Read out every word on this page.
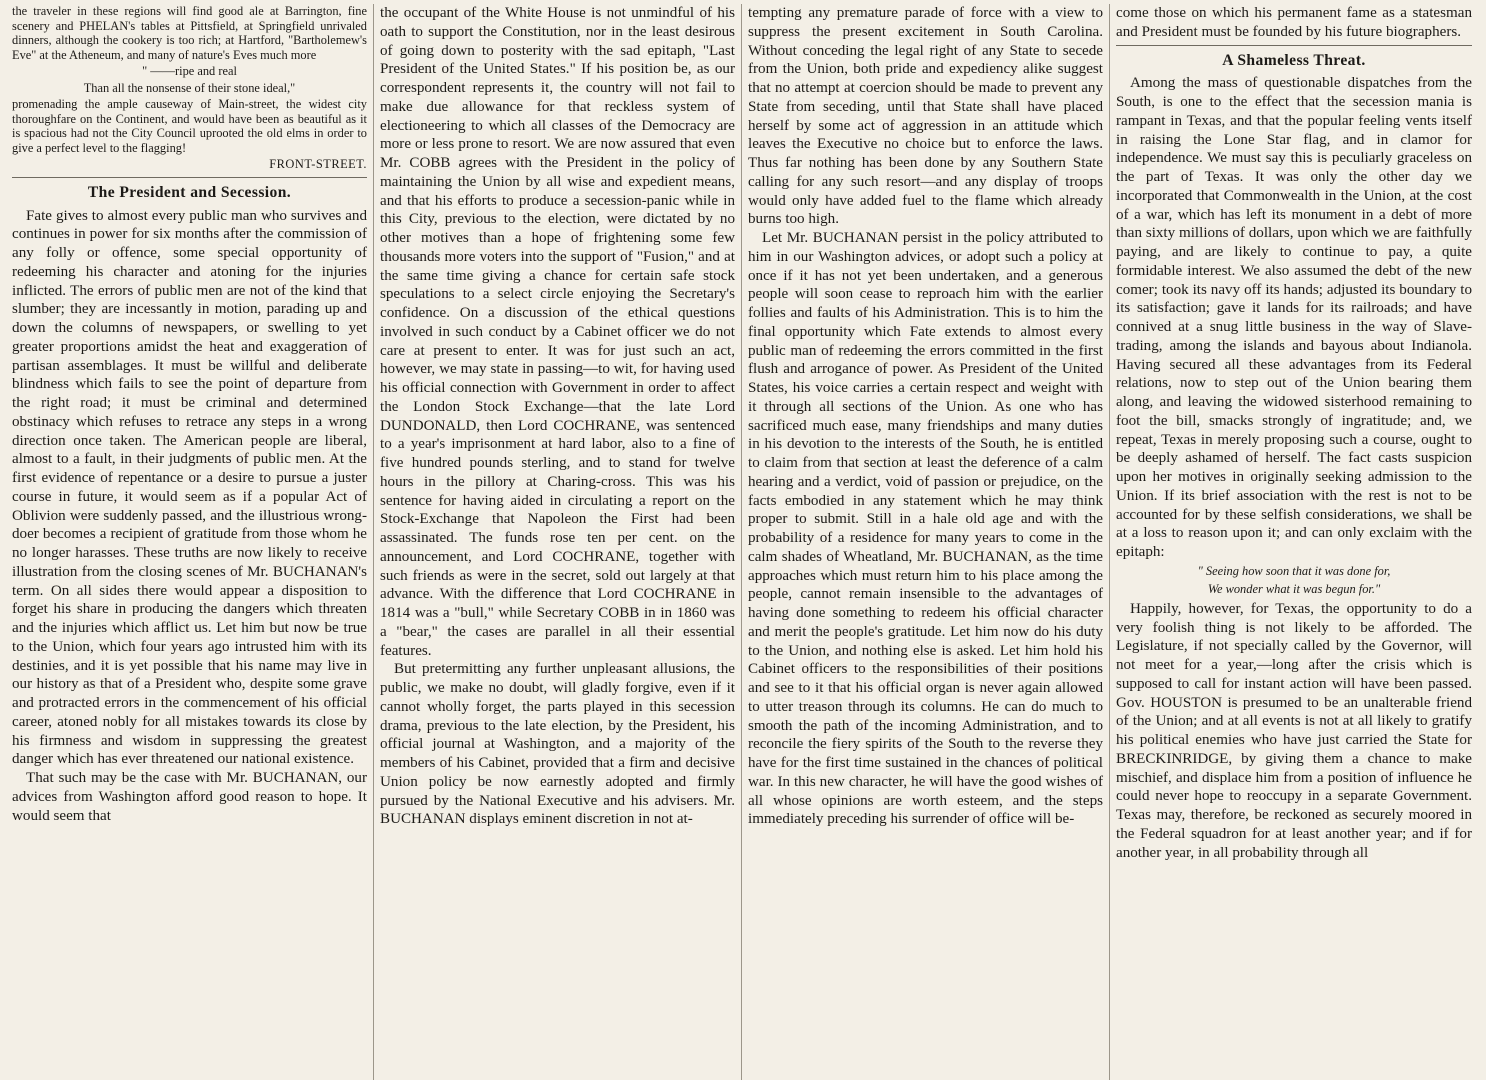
the traveler in these regions will find good ale at Barrington, fine scenery and PHELAN's tables at Pittsfield, at Springfield unrivaled dinners, although the cookery is too rich; at Hartford, "Bartholemew's Eve" at the Atheneum, and many of nature's Eves much more

" ——ripe and real
Than all the nonsense of their stone ideal,"

promenading the ample causeway of Main-street, the widest city thoroughfare on the Continent, and would have been as beautiful as it is spacious had not the City Council uprooted the old elms in order to give a perfect level to the flagging!

FRONT-STREET.
The President and Secession.

Fate gives to almost every public man who survives and continues in power for six months after the commission of any folly or offence, some special opportunity of redeeming his character and atoning for the injuries inflicted. The errors of public men are not of the kind that slumber; they are incessantly in motion, parading up and down the columns of newspapers, or swelling to yet greater proportions amidst the heat and exaggeration of partisan assemblages. It must be willful and deliberate blindness which fails to see the point of departure from the right road; it must be criminal and determined obstinacy which refuses to retrace any steps in a wrong direction once taken. The American people are liberal, almost to a fault, in their judgments of public men. At the first evidence of repentance or a desire to pursue a juster course in future, it would seem as if a popular Act of Oblivion were suddenly passed, and the illustrious wrong-doer becomes a recipient of gratitude from those whom he no longer harasses. These truths are now likely to receive illustration from the closing scenes of Mr. BUCHANAN's term. On all sides there would appear a disposition to forget his share in producing the dangers which threaten and the injuries which afflict us. Let him but now be true to the Union, which four years ago intrusted him with its destinies, and it is yet possible that his name may live in our history as that of a President who, despite some grave and protracted errors in the commencement of his official career, atoned nobly for all mistakes towards its close by his firmness and wisdom in suppressing the greatest danger which has ever threatened our national existence.

That such may be the case with Mr. BUCHANAN, our advices from Washington afford good reason to hope. It would seem that

the occupant of the White House is not unmindful of his oath to support the Constitution, nor in the least desirous of going down to posterity with the sad epitaph, "Last President of the United States." If his position be, as our correspondent represents it, the country will not fail to make due allowance for that reckless system of electioneering to which all classes of the Democracy are more or less prone to resort. We are now assured that even Mr. COBB agrees with the President in the policy of maintaining the Union by all wise and expedient means, and that his efforts to produce a secession-panic while in this City, previous to the election, were dictated by no other motives than a hope of frightening some few thousands more voters into the support of "Fusion," and at the same time giving a chance for certain safe stock speculations to a select circle enjoying the Secretary's confidence. On a discussion of the ethical questions involved in such conduct by a Cabinet officer we do not care at present to enter. It was for just such an act, however, we may state in passing—to wit, for having used his official connection with Government in order to affect the London Stock Exchange—that the late Lord DUNDONALD, then Lord COCHRANE, was sentenced to a year's imprisonment at hard labor, also to a fine of five hundred pounds sterling, and to stand for twelve hours in the pillory at Charing-cross. This was his sentence for having aided in circulating a report on the Stock-Exchange that Napoleon the First had been assassinated. The funds rose ten per cent. on the announcement, and Lord COCHRANE, together with such friends as were in the secret, sold out largely at that advance. With the difference that Lord COCHRANE in 1814 was a "bull," while Secretary COBB in in 1860 was a "bear," the cases are parallel in all their essential features.

But pretermitting any further unpleasant allusions, the public, we make no doubt, will gladly forgive, even if it cannot wholly forget, the parts played in this secession drama, previous to the late election, by the President, his official journal at Washington, and a majority of the members of his Cabinet, provided that a firm and decisive Union policy be now earnestly adopted and firmly pursued by the National Executive and his advisers. Mr. BUCHANAN displays eminent discretion in not at-

tempting any premature parade of force with a view to suppress the present excitement in South Carolina. Without conceding the legal right of any State to secede from the Union, both pride and expediency alike suggest that no attempt at coercion should be made to prevent any State from seceding, until that State shall have placed herself by some act of aggression in an attitude which leaves the Executive no choice but to enforce the laws. Thus far nothing has been done by any Southern State calling for any such resort—and any display of troops would only have added fuel to the flame which already burns too high.

Let Mr. BUCHANAN persist in the policy attributed to him in our Washington advices, or adopt such a policy at once if it has not yet been undertaken, and a generous people will soon cease to reproach him with the earlier follies and faults of his Administration. This is to him the final opportunity which Fate extends to almost every public man of redeeming the errors committed in the first flush and arrogance of power. As President of the United States, his voice carries a certain respect and weight with it through all sections of the Union. As one who has sacrificed much ease, many friendships and many duties in his devotion to the interests of the South, he is entitled to claim from that section at least the deference of a calm hearing and a verdict, void of passion or prejudice, on the facts embodied in any statement which he may think proper to submit. Still in a hale old age and with the probability of a residence for many years to come in the calm shades of Wheatland, Mr. BUCHANAN, as the time approaches which must return him to his place among the people, cannot remain insensible to the advantages of having done something to redeem his official character and merit the people's gratitude. Let him now do his duty to the Union, and nothing else is asked. Let him hold his Cabinet officers to the responsibilities of their positions and see to it that his official organ is never again allowed to utter treason through its columns. He can do much to smooth the path of the incoming Administration, and to reconcile the fiery spirits of the South to the reverse they have for the first time sustained in the chances of political war. In this new character, he will have the good wishes of all whose opinions are worth esteem, and the steps immediately preceding his surrender of office will be-

come those on which his permanent fame as a statesman and President must be founded by his future biographers.

A Shameless Threat.

Among the mass of questionable dispatches from the South, is one to the effect that the secession mania is rampant in Texas, and that the popular feeling vents itself in raising the Lone Star flag, and in clamor for independence. We must say this is peculiarly graceless on the part of Texas. It was only the other day we incorporated that Commonwealth in the Union, at the cost of a war, which has left its monument in a debt of more than sixty millions of dollars, upon which we are faithfully paying, and are likely to continue to pay, a quite formidable interest. We also assumed the debt of the new comer; took its navy off its hands; adjusted its boundary to its satisfaction; gave it lands for its railroads; and have connived at a snug little business in the way of Slave-trading, among the islands and bayous about Indianola. Having secured all these advantages from its Federal relations, now to step out of the Union bearing them along, and leaving the widowed sisterhood remaining to foot the bill, smacks strongly of ingratitude; and, we repeat, Texas in merely proposing such a course, ought to be deeply ashamed of herself. The fact casts suspicion upon her motives in originally seeking admission to the Union. If its brief association with the rest is not to be accounted for by these selfish considerations, we shall be at a loss to reason upon it; and can only exclaim with the epitaph:

" Seeing how soon that it was done for,
We wonder what it was begun for."

Happily, however, for Texas, the opportunity to do a very foolish thing is not likely to be afforded. The Legislature, if not specially called by the Governor, will not meet for a year,—long after the crisis which is supposed to call for instant action will have been passed. Gov. HOUSTON is presumed to be an unalterable friend of the Union; and at all events is not at all likely to gratify his political enemies who have just carried the State for BRECKINRIDGE, by giving them a chance to make mischief, and displace him from a position of influence he could never hope to reoccupy in a separate Government. Texas may, therefore, be reckoned as securely moored in the Federal squadron for at least another year; and if for another year, in all probability through all
